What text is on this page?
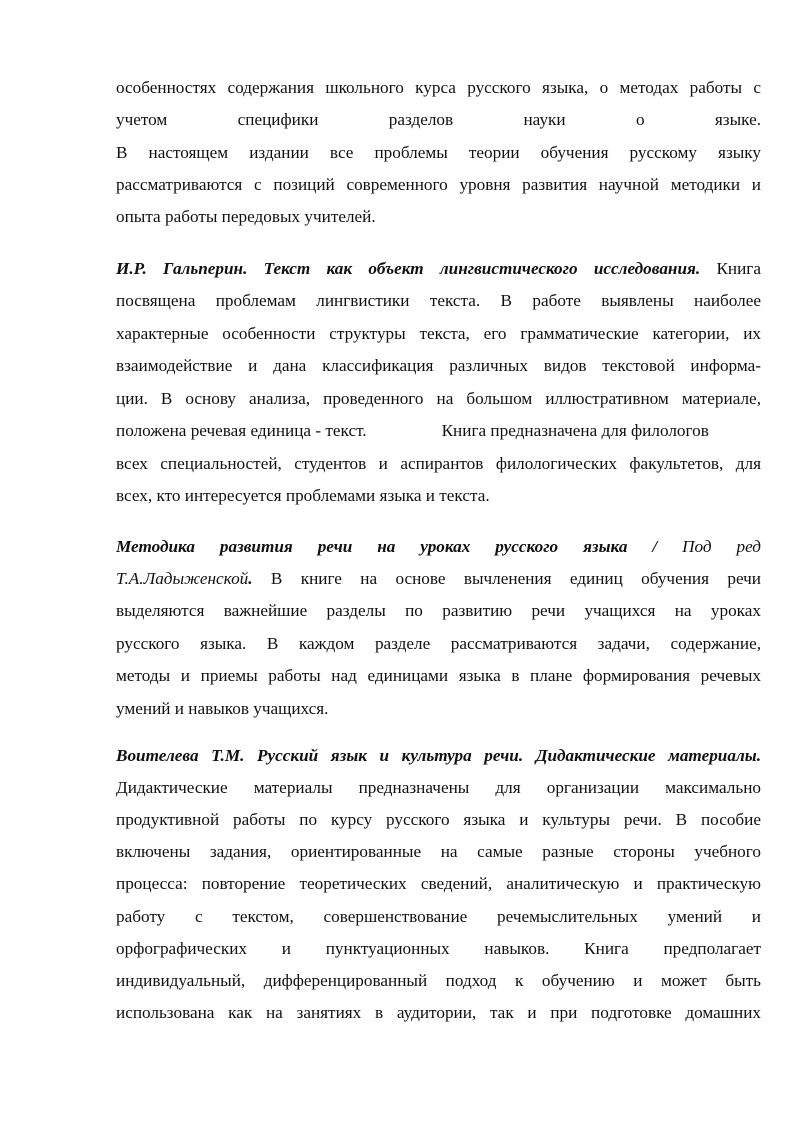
особенностях содержания школьного курса русского языка, о методах работы с
учетом специфики разделов науки о языке.
В настоящем издании все проблемы теории обучения русскому языку
рассматриваются с позиций современного уровня развития научной методики и
опыта работы передовых учителей.
И.Р. Гальперин. Текст как объект лингвистического исследования. Книга
посвящена проблемам лингвистики текста. В работе выявлены наиболее
характерные особенности структуры текста, его грамматические категории, их
взаимодействие и дана классификация различных видов текстовой информа-
ции. В основу анализа, проведенного на большом иллюстративном материале,
положена речевая единица - текст.	Книга предназначена для филологов
всех специальностей, студентов и аспирантов филологических факультетов, для
всех, кто интересуется проблемами языка и текста.
Методика развития речи на уроках русского языка / Под ред
Т.А.Ладыженской. В книге на основе вычленения единиц обучения речи
выделяются важнейшие разделы по развитию речи учащихся на уроках
русского языка. В каждом разделе рассматриваются задачи, содержание,
методы и приемы работы над единицами языка в плане формирования речевых
умений и навыков учащихся.
Воителева Т.М. Русский язык и культура речи. Дидактические материалы.
Дидактические материалы предназначены для организации максимально
продуктивной работы по курсу русского языка и культуры речи. В пособие
включены задания, ориентированные на самые разные стороны учебного
процесса: повторение теоретических сведений, аналитическую и практическую
работу с текстом, совершенствование речемыслительных умений и
орфографических и пунктуационных навыков. Книга предполагает
индивидуальный, дифференцированный подход к обучению и может быть
использована как на занятиях в аудитории, так и при подготовке домашних
